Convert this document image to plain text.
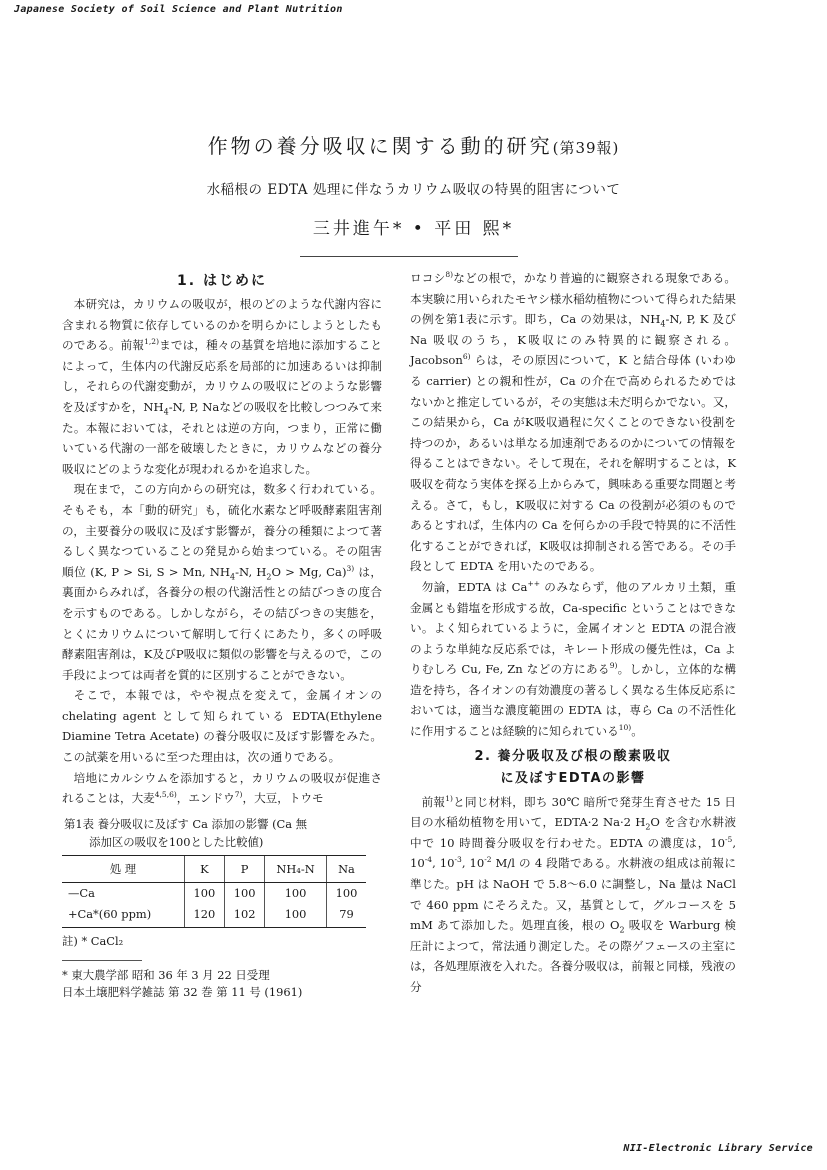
Japanese Society of Soil Science and Plant Nutrition
作物の養分吸収に関する動的研究(第39報)
水稲根の EDTA 処理に伴なうカリウム吸収の特異的阻害について
三井進午* • 平田 熙*
1. はじめに

本研究は，カリウムの吸収が，根のどのような代謝内容に含まれる物質に依存しているのかを明らかにしようとしたものである。前報$^{1,2)}$までは，種々の基質を培地に添加することによって，生体内の代謝反応系を局部的に加速あるいは抑制し，それらの代謝変動が，カリウムの吸収にどのような影響を及ぼすかを，$NH_4-N$, P, Naなどの吸収を比較しつつみて来た。本報においては，それとは逆の方向，つまり，正常に働いている代謝の一部を破壊したときに，カリウムなどの養分吸収にどのような変化が現われるかを追求した。

現在まで，この方向からの研究は，数多く行われている。そもそも，本「動的研究」も，硫化水素など呼吸酵素阻害剤の，主要養分の吸収に及ぼす影響が，養分の種類によつて著るしく異なつていることの発見から始まつている。その阻害順位 (K, P > Si, S > Mn, $NH_4-N$, $H_2O > Mg$, Ca)$^{3)}$ は，裏面からみれば，各養分の根の代謝活性との結びつきの度合を示すものである。しかしながら，その結びつきの実態を，とくにカリウムについて解明して行くにあたり，多くの呼吸酵素阻害剤は，K及びP吸収に類似の影響を与えるので，この手段によつては両者を質的に区別することができない。

そこで，本報では，やや視点を変えて，金属イオンのchelating agent として知られている EDTA(Ethylene Diamine Tetra Acetate) の養分吸収に及ぼす影響をみた。この試薬を用いるに至つた理由は，次の通りである。

培地にカルシウムを添加すると，カリウムの吸収が促進されることは，大麦$^{4,5,6)}$，エンドウ$^{7)}$，大豆，トウモ

第1表 養分吸収に及ぼす Ca 添加の影響 (Ca 無
添加区の吸収を100とした比較値)
処 理	K	P	NH₄-N	Na
—Ca	100	100	100	100
+Ca*(60 ppm)	120	102	100	79
註) * CaCl₂
* 東大農学部 昭和 36 年 3 月 22 日受理
日本土壌肥料学雑誌 第 32 巻 第 11 号 (1961)

ロコシ$^{8)}$などの根で，かなり普遍的に観察される現象である。本実験に用いられたモヤシ様水稲幼植物について得られた結果の例を第1表に示す。即ち，Ca の効果は，$NH_4-N$, P, K 及び Na 吸収のうち，K吸収にのみ特異的に観察される。Jacobson$^{6)}$ らは，その原因について，K と結合母体 (いわゆる carrier) との親和性が，Ca の介在で高められるためではないかと推定しているが，その実態は未だ明らかでない。又，この結果から，Ca がK吸収過程に欠くことのできない役割を持つのか，あるいは単なる加速剤であるのかについての情報を得ることはできない。そして現在，それを解明することは，K吸収を荷なう実体を探る上からみて，興味ある重要な問題と考える。さて，もし，K吸収に対する Ca の役割が必須のものであるとすれば，生体内の Ca を何らかの手段で特異的に不活性化することができれば，K吸収は抑制される筈である。その手段として EDTA を用いたのである。

勿論，EDTA は Ca++ のみならず，他のアルカリ土類，重金属とも錯塩を形成する故，Ca-specific ということはできない。よく知られているように，金属イオンと EDTA の混合液のような単純な反応系では，キレート形成の優先性は，Ca よりむしろ Cu, Fe, Zn などの方にある$^{9)}$。しかし，立体的な構造を持ち，各イオンの有効濃度の著るしく異なる生体反応系においては，適当な濃度範囲の EDTA は，専ら Ca の不活性化に作用することは経験的に知られている$^{10)}$。

2. 養分吸収及び根の酸素吸収
に及ぼすEDTAの影響

前報$^{1)}$と同じ材料，即ち 30℃ 暗所で発芽生育させた 15 日目の水稲幼植物を用いて，EDTA·2 Na·2 $H_2O$ を含む水耕液中で 10 時間養分吸収を行わせた。EDTA の濃度は，$10^{-5}$, $10^{-4}$, $10^{-3}$, $10^{-2}$ M/l の 4 段階である。水耕液の組成は前報に準じた。pH は NaOH で 5.8～6.0 に調整し，Na 量は NaCl で 460 ppm にそろえた。又，基質として，グルコースを 5 mM あて添加した。処理直後，根の $O_2$ 吸収を Warburg 検圧計によつて，常法通り測定した。その際ゲフェースの主室には，各処理原液を入れた。各養分吸収は，前報と同様，残液の分

NII-Electronic Library Service
